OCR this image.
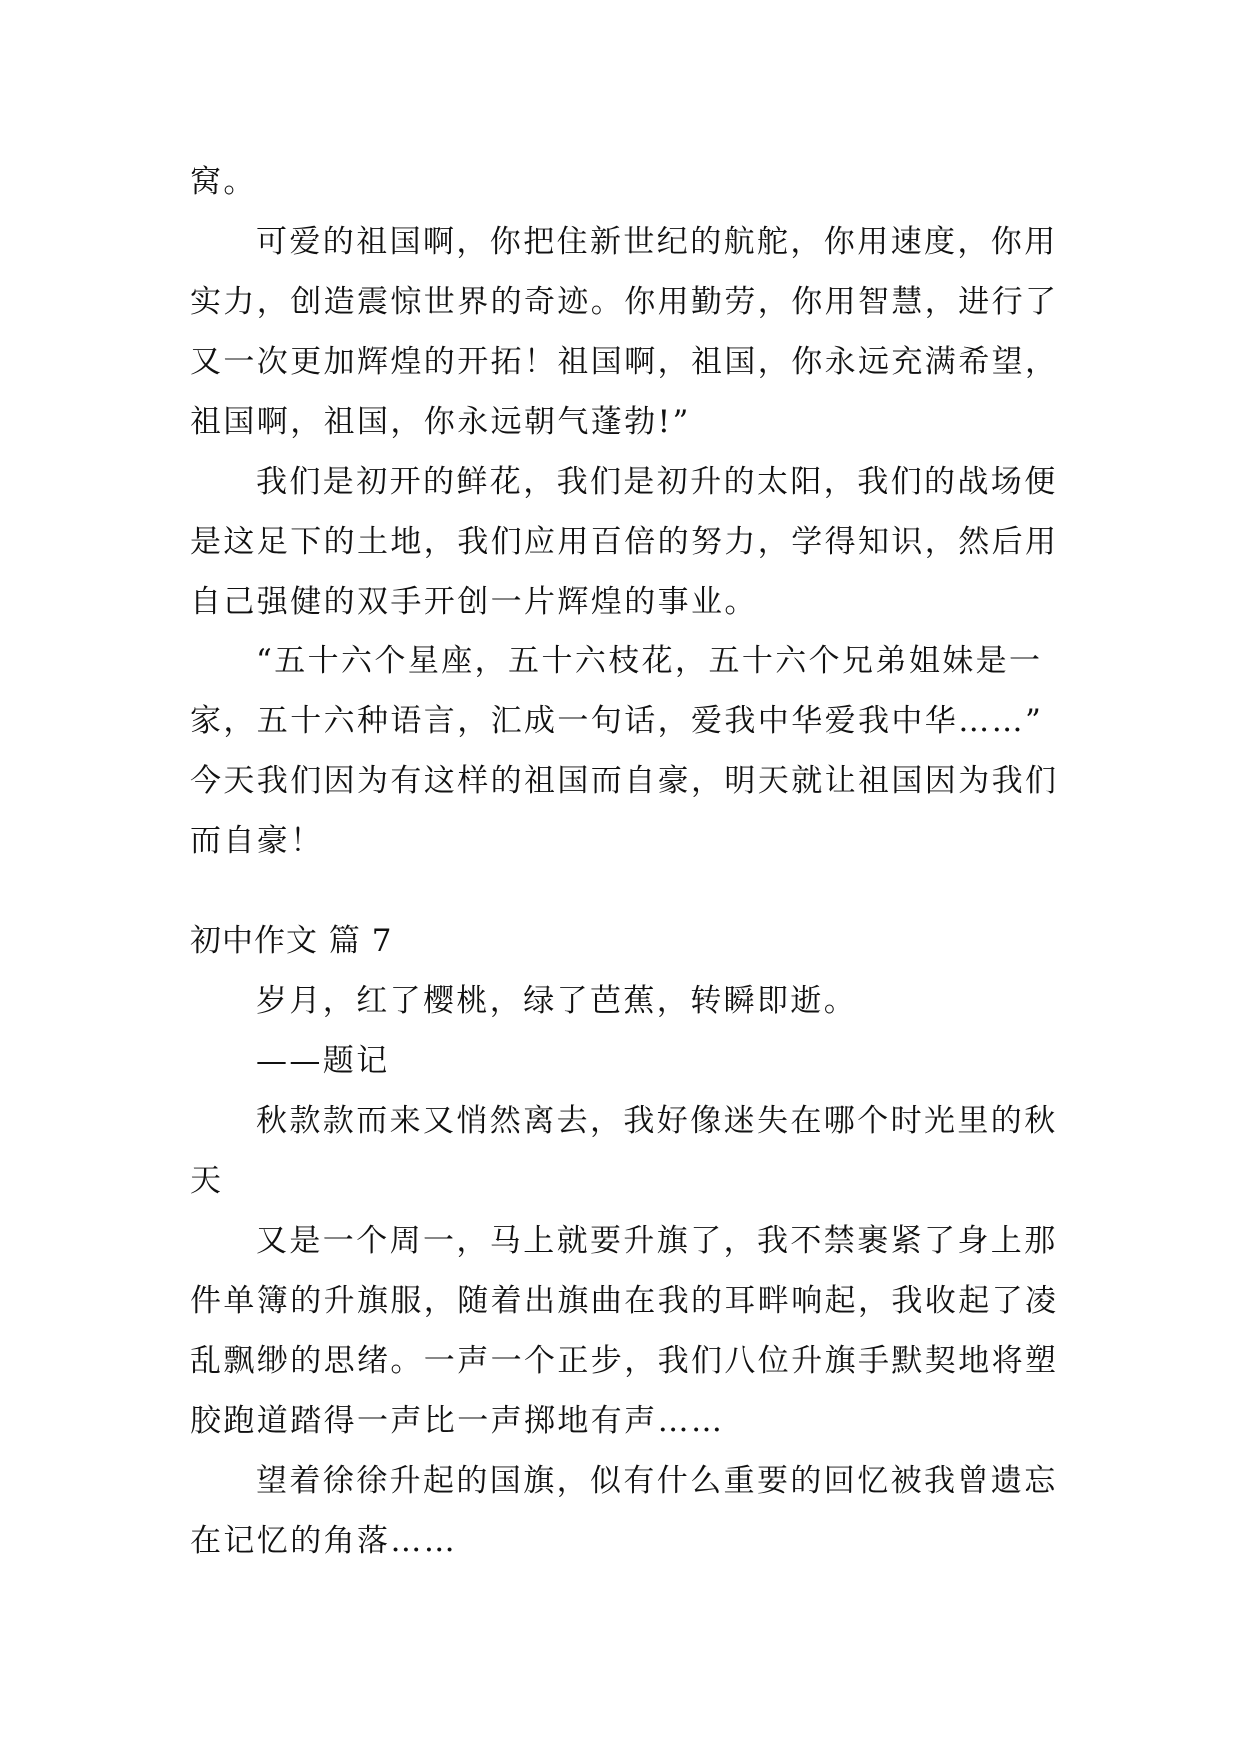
窝。
可爱的祖国啊，你把住新世纪的航舵，你用速度，你用
实力，创造震惊世界的奇迹。你用勤劳，你用智慧，进行了
又一次更加辉煌的开拓！祖国啊，祖国，你永远充满希望，
祖国啊，祖国，你永远朝气蓬勃!”
我们是初开的鲜花，我们是初升的太阳，我们的战场便
是这足下的土地，我们应用百倍的努力，学得知识，然后用
自己强健的双手开创一片辉煌的事业。
“五十六个星座，五十六枝花，五十六个兄弟姐妹是一
家，五十六种语言，汇成一句话，爱我中华爱我中华……”
今天我们因为有这样的祖国而自豪，明天就让祖国因为我们
而自豪！
初中作文 篇 7
岁月，红了樱桃，绿了芭蕉，转瞬即逝。
——题记
秋款款而来又悄然离去，我好像迷失在哪个时光里的秋
天
又是一个周一，马上就要升旗了，我不禁裹紧了身上那
件单簿的升旗服，随着出旗曲在我的耳畔响起，我收起了凌
乱飘缈的思绪。一声一个正步，我们八位升旗手默契地将塑
胶跑道踏得一声比一声掷地有声……
望着徐徐升起的国旗，似有什么重要的回忆被我曾遗忘
在记忆的角落……
